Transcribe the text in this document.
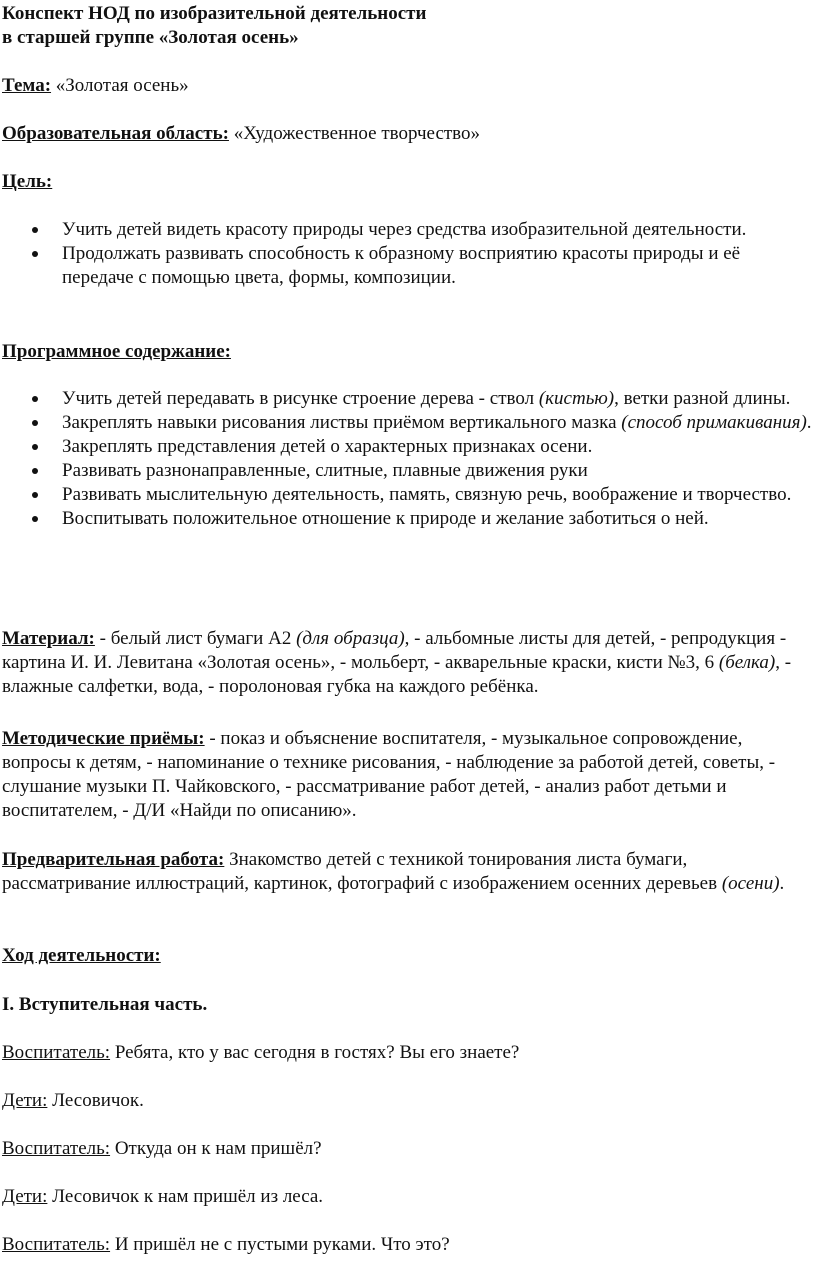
Конспект НОД по изобразительной деятельности
в старшей группе «Золотая осень»

Тема: «Золотая осень»

Образовательная область: «Художественное творчество»

Цель:

Учить детей видеть красоту природы через средства изобразительной деятельности.
Продолжать развивать способность к образному восприятию красоты природы и её передаче с помощью цвета, формы, композиции.

Программное содержание:

Учить детей передавать в рисунке строение дерева - ствол (кистью), ветки разной длины.
Закреплять навыки рисования листвы приёмом вертикального мазка (способ примакивания).
Закреплять представления детей о характерных признаках осени.
Развивать разнонаправленные, слитные, плавные движения руки
Развивать мыслительную деятельность, память, связную речь, воображение и творчество.
Воспитывать положительное отношение к природе и желание заботиться о ней.

Материал: - белый лист бумаги А2 (для образца), - альбомные листы для детей, - репродукция - картина И. И. Левитана «Золотая осень», - мольберт, - акварельные краски, кисти №3, 6 (белка), - влажные салфетки, вода, - поролоновая губка на каждого ребёнка.

Методические приёмы: - показ и объяснение воспитателя, - музыкальное сопровождение, вопросы к детям, - напоминание о технике рисования, - наблюдение за работой детей, советы, - слушание музыки П. Чайковского, - рассматривание работ детей, - анализ работ детьми и воспитателем, - Д/И «Найди по описанию».

Предварительная работа: Знакомство детей с техникой тонирования листа бумаги, рассматривание иллюстраций, картинок, фотографий с изображением осенних деревьев (осени).

Ход деятельности:

I. Вступительная часть.

Воспитатель: Ребята, кто у вас сегодня в гостях? Вы его знаете?

Дети: Лесовичок.

Воспитатель: Откуда он к нам пришёл?

Дети: Лесовичок к нам пришёл из леса.

Воспитатель: И пришёл не с пустыми руками. Что это?
